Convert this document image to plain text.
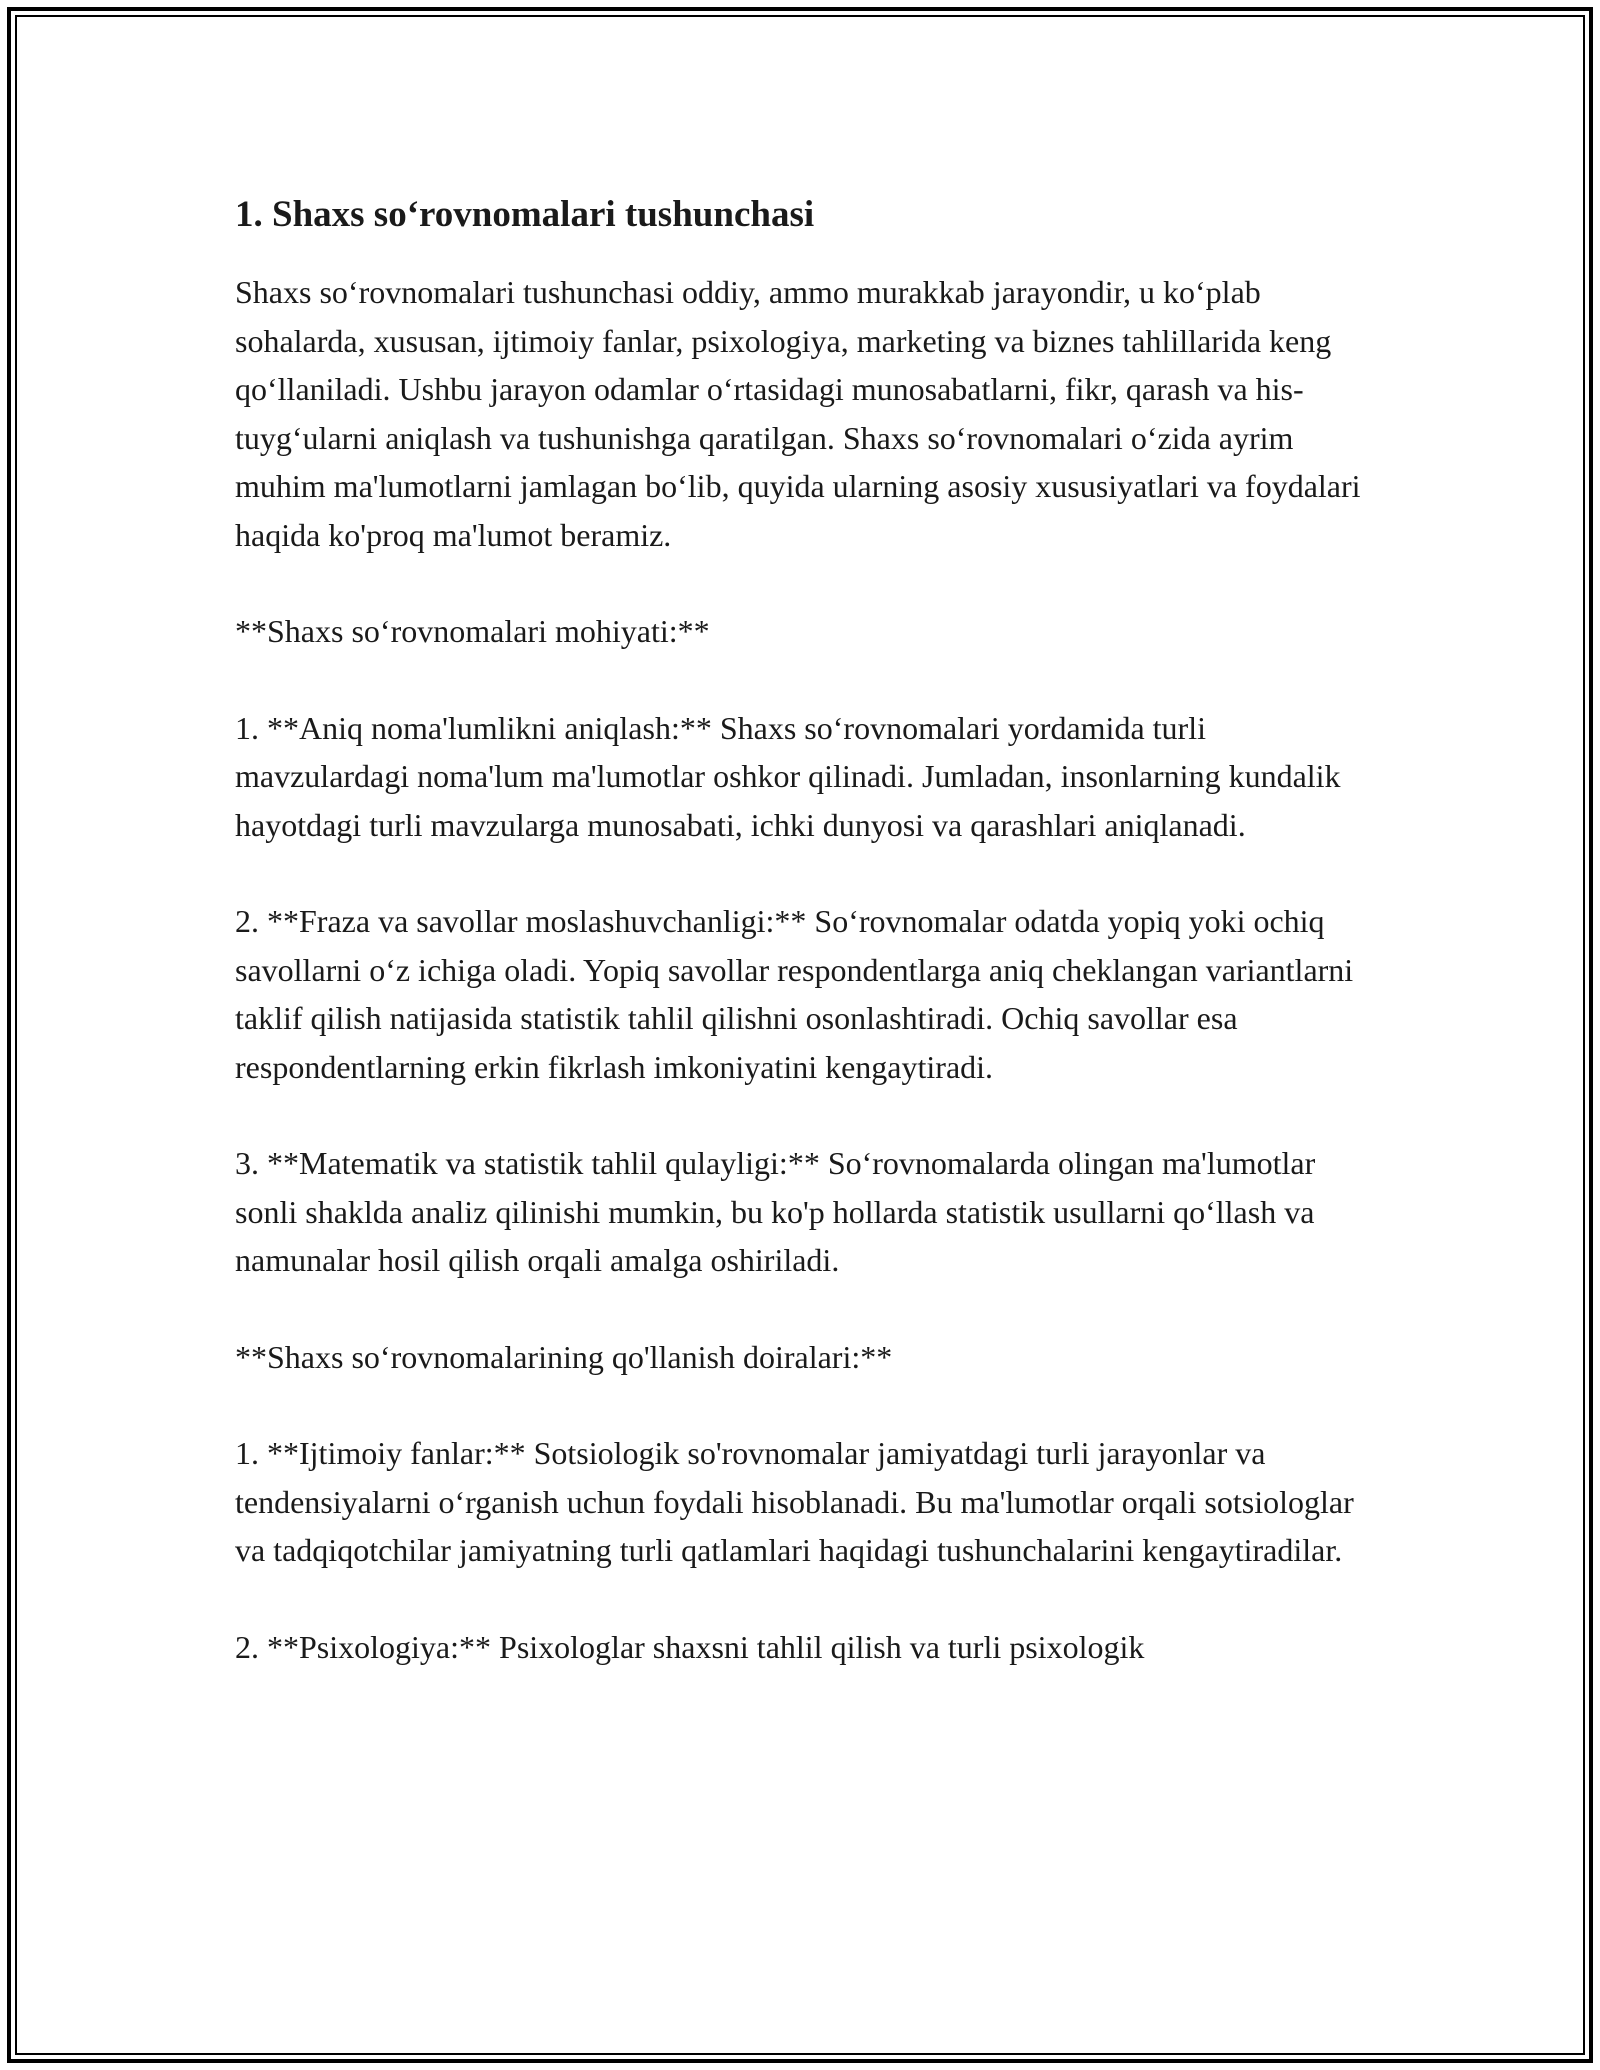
1. Shaxs so‘rovnomalari tushunchasi

Shaxs so‘rovnomalari tushunchasi oddiy, ammo murakkab jarayondir, u ko‘plab sohalarda, xususan, ijtimoiy fanlar, psixologiya, marketing va biznes tahlillarida keng qo‘llaniladi. Ushbu jarayon odamlar o‘rtasidagi munosabatlarni, fikr, qarash va his-tuyg‘ularni aniqlash va tushunishga qaratilgan. Shaxs so‘rovnomalari o‘zida ayrim muhim ma'lumotlarni jamlagan bo‘lib, quyida ularning asosiy xususiyatlari va foydalari haqida ko'proq ma'lumot beramiz.

**Shaxs so‘rovnomalari mohiyati:**

1. **Aniq noma'lumlikni aniqlash:** Shaxs so‘rovnomalari yordamida turli mavzulardagi noma'lum ma'lumotlar oshkor qilinadi. Jumladan, insonlarning kundalik hayotdagi turli mavzularga munosabati, ichki dunyosi va qarashlari aniqlanadi.

2. **Fraza va savollar moslashuvchanligi:** So‘rovnomalar odatda yopiq yoki ochiq savollarni o‘z ichiga oladi. Yopiq savollar respondentlarga aniq cheklangan variantlarni taklif qilish natijasida statistik tahlil qilishni osonlashtiradi. Ochiq savollar esa respondentlarning erkin fikrlash imkoniyatini kengaytiradi.

3. **Matematik va statistik tahlil qulayligi:** So‘rovnomalarda olingan ma'lumotlar sonli shaklda analiz qilinishi mumkin, bu ko'p hollarda statistik usullarni qo‘llash va namunalar hosil qilish orqali amalga oshiriladi.

**Shaxs so‘rovnomalarining qo'llanish doiralari:**

1. **Ijtimoiy fanlar:** Sotsiologik so'rovnomalar jamiyatdagi turli jarayonlar va tendensiyalarni o‘rganish uchun foydali hisoblanadi. Bu ma'lumotlar orqali sotsiologlar va tadqiqotchilar jamiyatning turli qatlamlari haqidagi tushunchalarini kengaytiradilar.

2. **Psixologiya:** Psixologlar shaxsni tahlil qilish va turli psixologik
